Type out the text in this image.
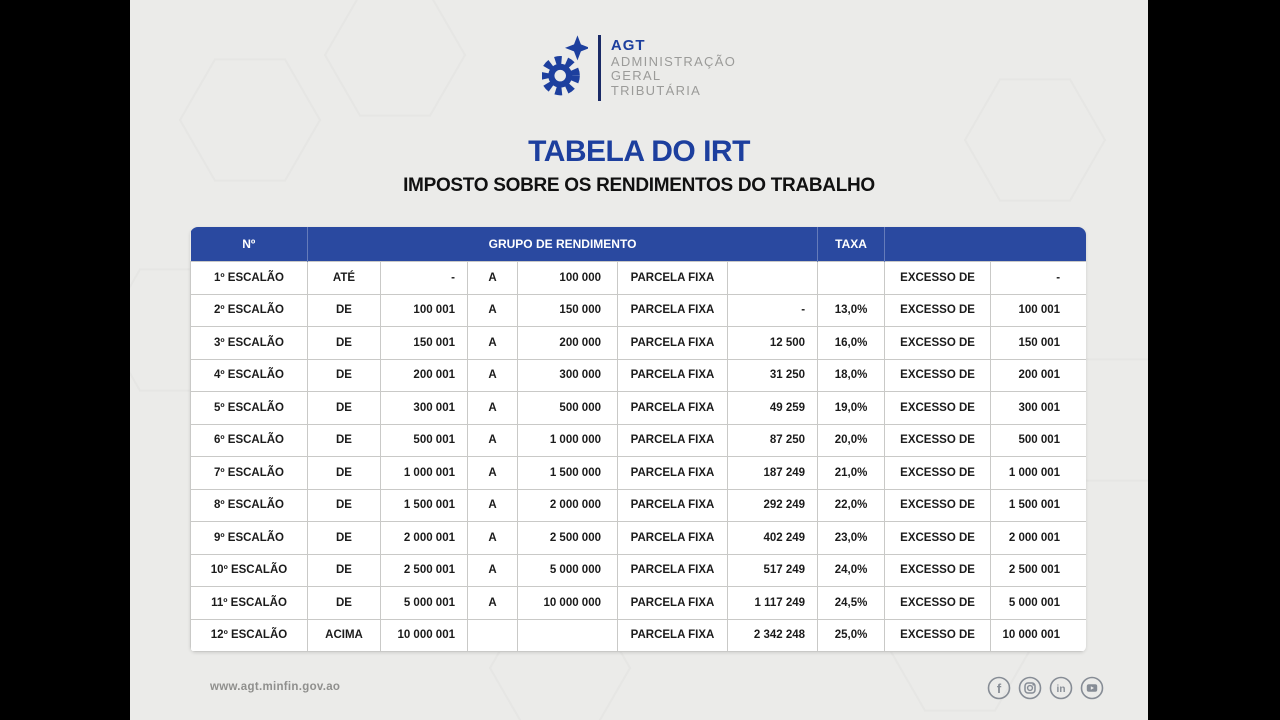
AGT
ADMINISTRAÇÃO
GERAL
TRIBUTÁRIA
TABELA DO IRT
IMPOSTO SOBRE OS RENDIMENTOS DO TRABALHO
Nº	GRUPO DE RENDIMENTO						TAXA		
1º ESCALÃO	ATÉ	-	A	100 000	PARCELA FIXA			EXCESSO DE	-
2º ESCALÃO	DE	100 001	A	150 000	PARCELA FIXA	-	13,0%	EXCESSO DE	100 001
3º ESCALÃO	DE	150 001	A	200 000	PARCELA FIXA	12 500	16,0%	EXCESSO DE	150 001
4º ESCALÃO	DE	200 001	A	300 000	PARCELA FIXA	31 250	18,0%	EXCESSO DE	200 001
5º ESCALÃO	DE	300 001	A	500 000	PARCELA FIXA	49 259	19,0%	EXCESSO DE	300 001
6º ESCALÃO	DE	500 001	A	1 000 000	PARCELA FIXA	87 250	20,0%	EXCESSO DE	500 001
7º ESCALÃO	DE	1 000 001	A	1 500 000	PARCELA FIXA	187 249	21,0%	EXCESSO DE	1 000 001
8º ESCALÃO	DE	1 500 001	A	2 000 000	PARCELA FIXA	292 249	22,0%	EXCESSO DE	1 500 001
9º ESCALÃO	DE	2 000 001	A	2 500 000	PARCELA FIXA	402 249	23,0%	EXCESSO DE	2 000 001
10º ESCALÃO	DE	2 500 001	A	5 000 000	PARCELA FIXA	517 249	24,0%	EXCESSO DE	2 500 001
11º ESCALÃO	DE	5 000 001	A	10 000 000	PARCELA FIXA	1 117 249	24,5%	EXCESSO DE	5 000 001
12º ESCALÃO	ACIMA	10 000 001			PARCELA FIXA	2 342 248	25,0%	EXCESSO DE	10 000 001
www.agt.minfin.gov.ao	f	in
